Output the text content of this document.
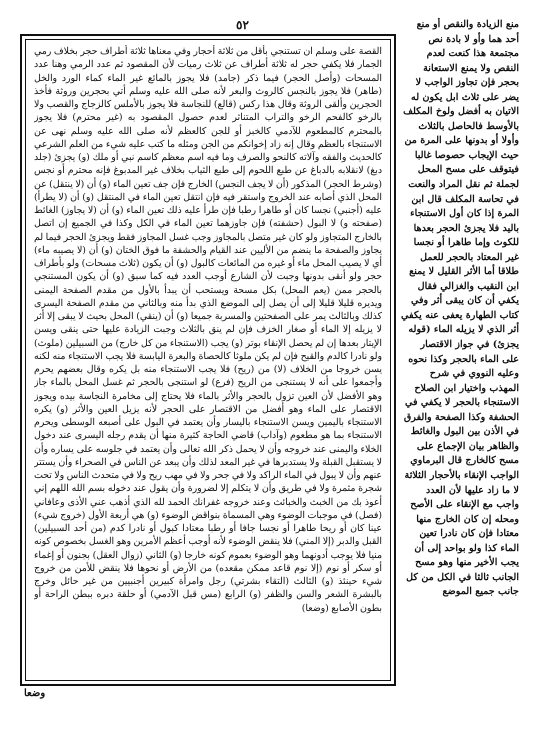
٥٢	منع الزيادة والنقص أو منع أحد هما وأو لا بادة نص مجتمعة هذا كنعت لعدم النقص ولا يمنع الاستعانة بحجر فإن تجاوز الواجب لا يضر على ثلاث ابل يكون له الاتيان به أفضل ولوخ المكلف بالأوسط فالحاصل بالثلاث وأولا أو بدونها على المرة من حيث الإيجاب حصوصا غالبا فيتوقف على مسح المحل لجملة ثم نقل المراد والنعت في تحاسة المكلف قال ابن المرة إذا كان أول الاستنجاء باليد فلا يجزئ الحجر بعدها للكوث وإما طاهرا أو نجسا غير المعتاد بالحجر للعمل طلاقا أما الأثر القليل لا يمنع ابن النقيب والغزالي فقال يكفي أن كان يبقى أثر وفي كتاب الطهارة يعفى عنه يكفي أثر الذي لا يزيله الماء (قوله يجزئ) في جواز الاقتصار على الماء بالحجر وكذا نحوه وعليه النووي في شرح المهذب واختيار ابن الصلاح الاستنجاء بالحجر لا يكفي في الحشفة وكذا الصفحة والفرق في الأذن بين البول والغائط والظاهر بيان الإجماع على مسح كالخارج قال البرماوي الواجب الإنقاء بالأحجار الثلاثة لا ما زاد عليها لأن العدد واجب مع الإنقاء على الأصح ومحله إن كان الخارج منها معتادا فإن كان نادرا تعين الماء كذا ولو بواحد إلى أن يجب الأخير منها وهو مسح الجانب ثالثا في الكل من كل جانب جميع الموضع

القصة على وسلم ان تستنجي بأقل من ثلاثة أحجار وفي معناها ثلاثة أطراف حجر بخلاف رمي الجمار فلا يكفي حجر له ثلاثة أطراف عن ثلاث رميات لأن المقصود ثم عدد الرمي وهنا عدد المسحات (وأصل الحجر) فيما ذكر (جامد) فلا يجوز بالمائع غير الماء كماء الورد والخل (طاهر) فلا يجوز بالنجس كالروث والبعر لأنه صلى الله عليه وسلم أتي بحجرين وروثة فأخذ الحجرين وألقى الروثة وقال هذا ركس (قالع) للنجاسة فلا يجوز بالأملس كالزجاج والقصب ولا بالرخو كالفحم الرخو والتراب المتناثر لعدم حصول المقصود به (غير محترم) فلا يجوز بالمحترم كالمطعوم للآدمي كالخبز أو للجن كالعظم لأنه صلى الله عليه وسلم نهى عن الاستنجاء بالعظم وقال إنه زاد إخوانكم من الجن ومثله ما كتب عليه شيء من العلم الشرعي كالحديث والفقه وآلاته كالنحو والصرف وما فيه اسم معظم كاسم نبي أو ملك (و) يجزئ (جلد دبغ) لانقلابه بالدباغ عن طبع اللحوم إلى طبع الثياب بخلاف غير المدبوغ فإنه محترم أو نجس (وشرط الحجر) المذكور (أن لا يجف النجس) الخارج فإن جف تعين الماء (و) أن (لا ينتقل) عن المحل الذي أصابه عند الخروج واستقر فيه فإن انتقل تعين الماء في المنتقل (و) أن (لا يطرأ) عليه (أجنبي) نجسا كان أو طاهرا رطبا فإن طرأ عليه ذلك تعين الماء (و) أن (لا يجاوز) الغائط (صفحته و) لا البول (حشفته) فإن جاوزهما تعين الماء في الكل وكذا في الجميع إن اتصل بالخارج المتجاوز ولو كان غير متصل بالمجاوز وجب غسل المجاوز فقط ويجزئ الحجر فيما لم يجاوز والصفحة ما ينضم من الأليين عند القيام والحشفة ما فوق الختان (و) أن (لا يصيبه ماء) أي لا يصيب المحل ماء أو غيره من المائعات كالبول (و) أن يكون (ثلاث مسحات) ولو بأطراف حجر ولو أنقى بدونها وجبت لأن الشارع أوجب العدد فيه كما سبق (و) أن يكون المستنجي بالحجر ممن (يعم المحل) بكل مسحة ويستحب أن يبدأ بالأول من مقدم الصفحة اليمنى ويديره قليلا قليلا إلى أن يصل إلى الموضع الذي بدأ منه وبالثاني من مقدم الصفحة اليسرى كذلك وبالثالث يمر على الصفحتين والمسربة جميعا (و) أن (ينقي) المحل بحيث لا يبقى إلا أثر لا يزيله إلا الماء أو صغار الخزف فإن لم ينق بالثلاث وجبت الزيادة عليها حتى ينقى ويسن الإيتار بعدها إن لم يحصل الإنقاء بوتر (و) يجب (الاستنجاء من كل خارج) من السبيلين (ملوث) ولو نادرا كالدم والقيح فإن لم يكن ملوثا كالحصاة والبعرة اليابسة فلا يجب الاستنجاء منه لكنه يسن خروجا من الخلاف (لا) من (ريح) فلا يجب الاستنجاء منه بل يكره وقال بعضهم يحرم وأجمعوا على أنه لا يستنجى من الريح (فرع) لو استنجى بالحجر ثم غسل المحل بالماء جاز وهو الأفضل لأن العين تزول بالحجر والأثر بالماء فلا يحتاج إلى مخامرة النجاسة بيده ويجوز الاقتصار على الماء وهو أفضل من الاقتصار على الحجر لأنه يزيل العين والأثر (و) يكره الاستنجاء باليمين ويسن الاستنجاء باليسار وأن يعتمد في البول على أصبعه الوسطى ويحرم الاستنجاء بما هو مطعوم (وآداب) قاضي الحاجة كثيرة منها أن يقدم رجله اليسرى عند دخول الخلاء واليمنى عند خروجه وأن لا يحمل ذكر الله تعالى وأن يعتمد في جلوسه على يساره وأن لا يستقبل القبلة ولا يستدبرها في غير المعد لذلك وأن يبعد عن الناس في الصحراء وأن يستتر عنهم وأن لا يبول في الماء الراكد ولا في جحر ولا في مهب ريح ولا في متحدث الناس ولا تحت شجرة مثمرة ولا في طريق وأن لا يتكلم إلا لضرورة وأن يقول عند دخوله بسم الله اللهم إني أعوذ بك من الخبث والخبائث وعند خروجه غفرانك الحمد لله الذي أذهب عني الأذى وعافاني (فصل) في موجبات الوضوء وهي المسماة بنواقض الوضوء (و) هي أربعة الأول (خروج شيء) عينا كان أو ريحا طاهرا أو نجسا جافا أو رطبا معتادا كبول أو نادرا كدم (من أحد السبيلين) القبل والدبر (إلا المني) فلا ينقض الوضوء لأنه أوجب أعظم الأمرين وهو الغسل بخصوص كونه منيا فلا يوجب أدونهما وهو الوضوء بعموم كونه خارجا (و) الثاني (زوال العقل) بجنون أو إغماء أو سكر أو نوم (إلا نوم قاعد ممكن مقعده) من الأرض أو نحوها فلا ينقض للأمن من خروج شيء حينئذ (و) الثالث (التقاء بشرتي) رجل وامرأة كبيرين أجنبيين من غير حائل وخرج بالبشرة الشعر والسن والظفر (و) الرابع (مس قبل الآدمي) أو حلقة دبره ببطن الراحة أو بطون الأصابع (وضعا)

وضعا
